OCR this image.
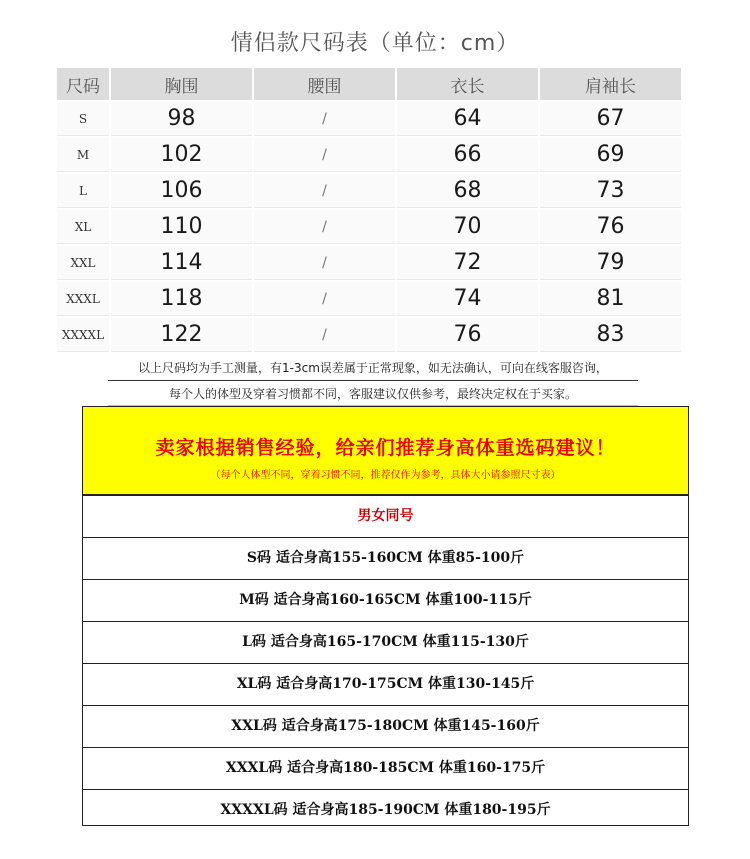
情侣款尺码表（单位：cm）
尺码	胸围	腰围	衣长	肩袖长
S	98	/	64	67
M	102	/	66	69
L	106	/	68	73
XL	110	/	70	76
XXL	114	/	72	79
XXXL	118	/	74	81
XXXXL	122	/	76	83
以上尺码均为手工测量，有1-3cm误差属于正常现象，如无法确认，可向在线客服咨询，
每个人的体型及穿着习惯都不同，客服建议仅供参考，最终决定权在于买家。
卖家根据销售经验，给亲们推荐身高体重选码建议！
（每个人体型不同，穿着习惯不同，推荐仅作为参考，具体大小请参照尺寸表）
男女同号
S码 适合身高155-160CM 体重85-100斤
M码 适合身高160-165CM 体重100-115斤
L码 适合身高165-170CM 体重115-130斤
XL码 适合身高170-175CM 体重130-145斤
XXL码 适合身高175-180CM 体重145-160斤
XXXL码 适合身高180-185CM 体重160-175斤
XXXXL码 适合身高185-190CM 体重180-195斤
